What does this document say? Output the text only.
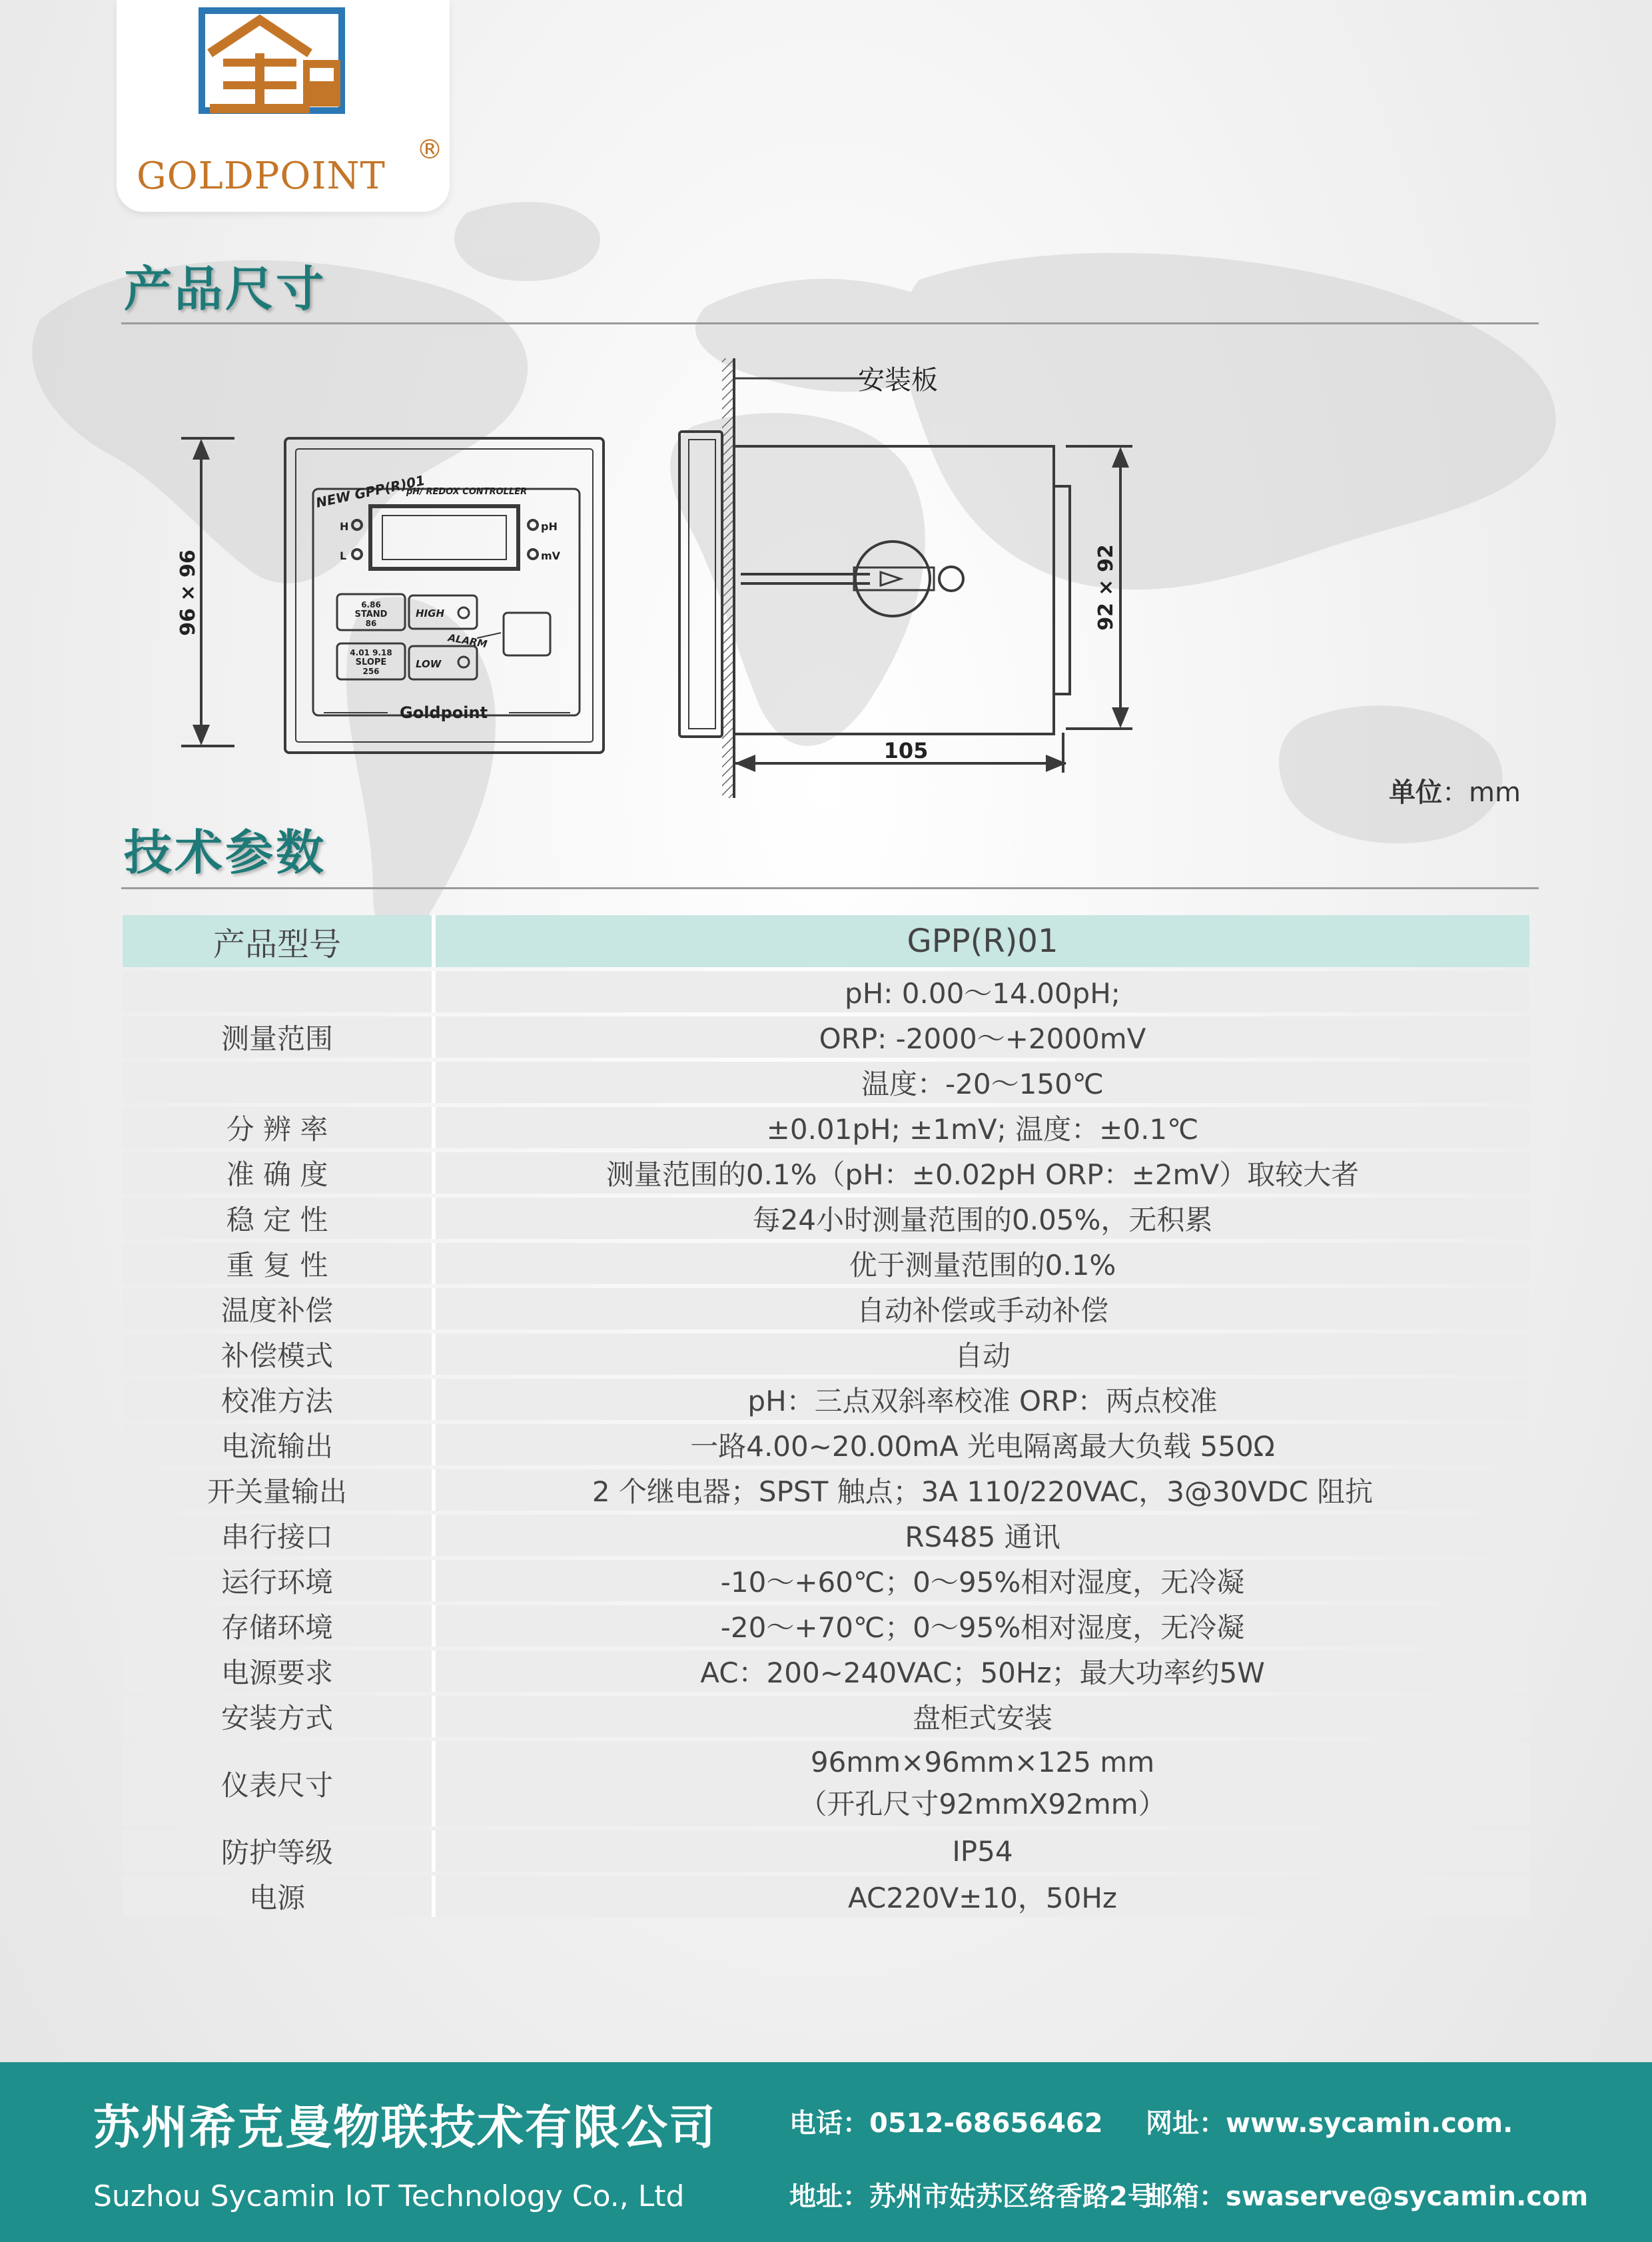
GOLDPOINT
®
产品尺寸
96 × 96
NEW GPP(R)01
pH/ REDOX CONTROLLER
H
L
pH
mV
6.86
STAND
86
4.01 9.18
SLOPE
256
HIGH
LOW
ALARM
Goldpoint
安装板
92 × 92
105
单位：mm
技术参数
产品型号	GPP(R)01
	pH: 0.00～14.00pH;
测量范围	ORP: -2000～+2000mV
	温度：-20～150℃
分 辨 率	±0.01pH; ±1mV; 温度：±0.1℃
准 确 度	测量范围的0.1%（pH：±0.02pH ORP：±2mV）取较大者
稳 定 性	每24小时测量范围的0.05%，无积累
重 复 性	优于测量范围的0.1%
温度补偿	自动补偿或手动补偿
补偿模式	自动
校准方法	pH：三点双斜率校准 ORP：两点校准
电流输出	一路4.00~20.00mA 光电隔离最大负载 550Ω
开关量输出	2 个继电器；SPST 触点；3A 110/220VAC，3@30VDC 阻抗
串行接口	RS485 通讯
运行环境	-10～+60℃；0～95%相对湿度，无冷凝
存储环境	-20～+70℃；0～95%相对湿度，无冷凝
电源要求	AC：200~240VAC；50Hz；最大功率约5W
安装方式	盘柜式安装
仪表尺寸	96mm×96mm×125 mm
（开孔尺寸92mmX92mm）

防护等级	IP54
电源	AC220V±10，50Hz
苏州希克曼物联技术有限公司
Suzhou Sycamin IoT Technology Co., Ltd
电话：0512-68656462 网址：www.sycamin.com.
地址：苏州市姑苏区络香路2号
邮箱：swaserve@sycamin.com
